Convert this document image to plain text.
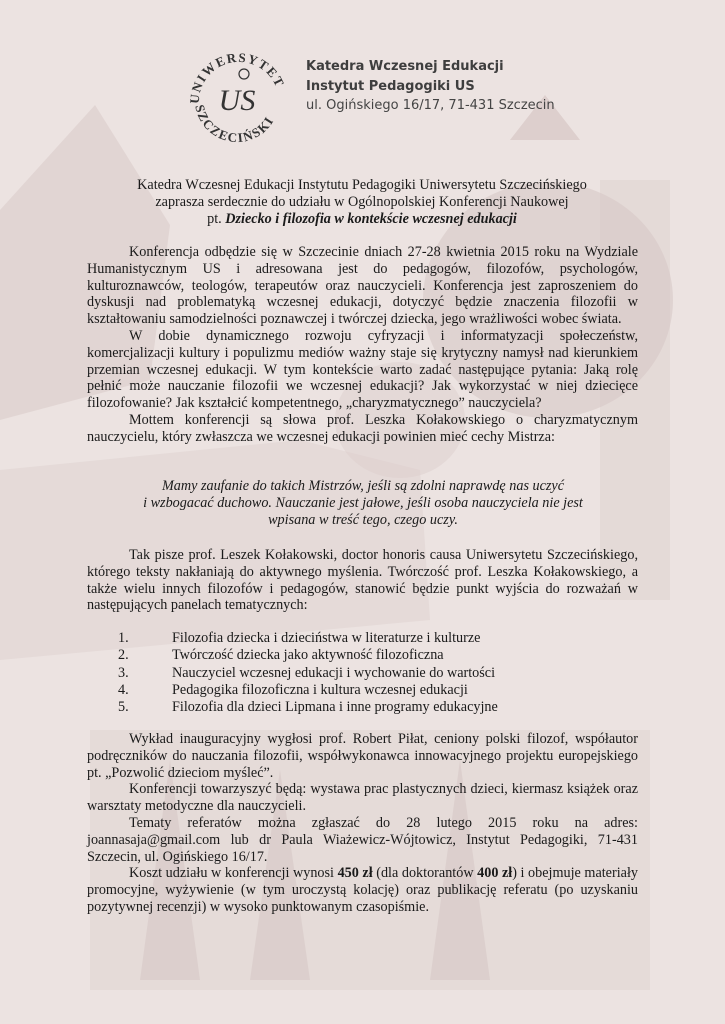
UNIWERSYTET
SZCZECIŃSKI
US
Katedra Wczesnej Edukacji
Instytut Pedagogiki US
ul. Ogińskiego 16/17, 71-431 Szczecin
Katedra Wczesnej Edukacji Instytutu Pedagogiki Uniwersytetu Szczecińskiego
zaprasza serdecznie do udziału w Ogólnopolskiej Konferencji Naukowej
pt. Dziecko i filozofia w kontekście wczesnej edukacji

Konferencja odbędzie się w Szczecinie dniach 27-28 kwietnia 2015 roku na Wydziale Humanistycznym US i adresowana jest do pedagogów, filozofów, psychologów, kulturoznawców, teologów, terapeutów oraz nauczycieli. Konferencja jest zaproszeniem do dyskusji nad problematyką wczesnej edukacji, dotyczyć będzie znaczenia filozofii w kształtowaniu samodzielności poznawczej i twórczej dziecka, jego wrażliwości wobec świata.

W dobie dynamicznego rozwoju cyfryzacji i informatyzacji społeczeństw, komercjalizacji kultury i populizmu mediów ważny staje się krytyczny namysł nad kierunkiem przemian wczesnej edukacji. W tym kontekście warto zadać następujące pytania: Jaką rolę pełnić może nauczanie filozofii we wczesnej edukacji? Jak wykorzystać w niej dziecięce filozofowanie? Jak kształcić kompetentnego, „charyzmatycznego” nauczyciela?

Mottem konferencji są słowa prof. Leszka Kołakowskiego o charyzmatycznym nauczycielu, który zwłaszcza we wczesnej edukacji powinien mieć cechy Mistrza:

Mamy zaufanie do takich Mistrzów, jeśli są zdolni naprawdę nas uczyć
i wzbogacać duchowo. Nauczanie jest jałowe, jeśli osoba nauczyciela nie jest
wpisana w treść tego, czego uczy.

Tak pisze prof. Leszek Kołakowski, doctor honoris causa Uniwersytetu Szczecińskiego, którego teksty nakłaniają do aktywnego myślenia. Twórczość prof. Leszka Kołakowskiego, a także wielu innych filozofów i pedagogów, stanowić będzie punkt wyjścia do rozważań w następujących panelach tematycznych:

1.	Filozofia dziecka i dzieciństwa w literaturze i kulturze
2.	Twórczość dziecka jako aktywność filozoficzna
3.	Nauczyciel wczesnej edukacji i wychowanie do wartości
4.	Pedagogika filozoficzna i kultura wczesnej edukacji
5.	Filozofia dla dzieci Lipmana i inne programy edukacyjne

Wykład inauguracyjny wygłosi prof. Robert Piłat, ceniony polski filozof, współautor podręczników do nauczania filozofii, współwykonawca innowacyjnego projektu europejskiego pt. „Pozwolić dzieciom myśleć”.

Konferencji towarzyszyć będą: wystawa prac plastycznych dzieci, kiermasz książek oraz warsztaty metodyczne dla nauczycieli.

Tematy referatów można zgłaszać do 28 lutego 2015 roku na adres: joannasaja@gmail.com lub dr Paula Wiażewicz-Wójtowicz, Instytut Pedagogiki, 71-431 Szczecin, ul. Ogińskiego 16/17.

Koszt udziału w konferencji wynosi 450 zł (dla doktorantów 400 zł) i obejmuje materiały promocyjne, wyżywienie (w tym uroczystą kolację) oraz publikację referatu (po uzyskaniu pozytywnej recenzji) w wysoko punktowanym czasopiśmie.
